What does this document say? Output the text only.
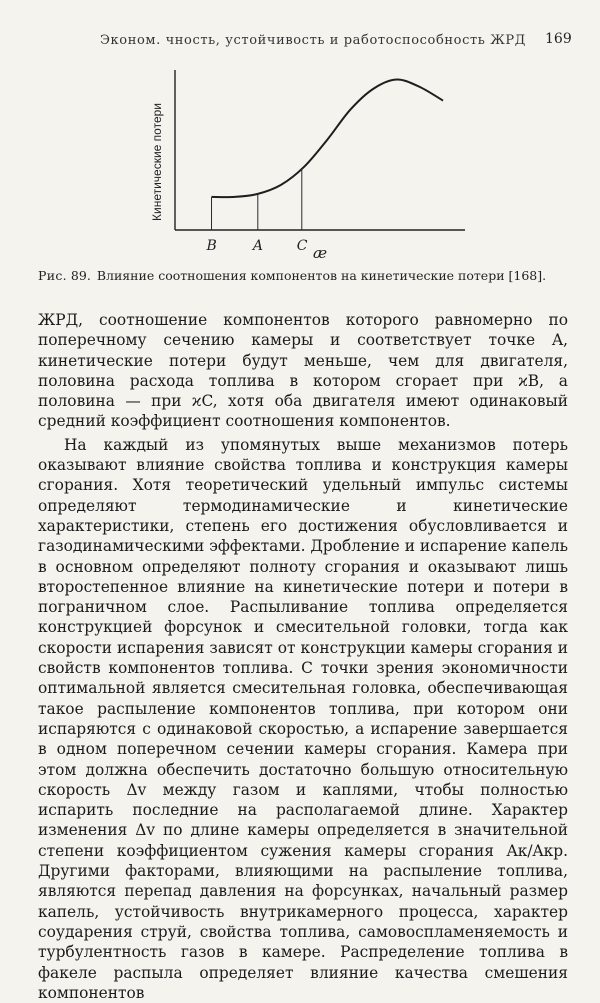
Эконом. чность, устойчивость и работоспособность ЖРД 169
Кинетические потери
æ
B	A C
Рис. 89. Влияние соотношения компонентов на кинетические потери [168].

ЖРД, соотношение компонентов которого равномерно по поперечному сечению камеры и соответствует точке A, кинетические потери будут меньше, чем для двигателя, половина расхода топлива в котором сгорает при ϰB, а половина — при ϰC, хотя оба двигателя имеют одинаковый средний коэффициент соотношения компонентов.

На каждый из упомянутых выше механизмов потерь оказывают влияние свойства топлива и конструкция камеры сгорания. Хотя теоретический удельный импульс системы определяют термодинамические и кинетические характеристики, степень его достижения обусловливается и газодинамическими эффектами. Дробление и испарение капель в основном определяют полноту сгорания и оказывают лишь второстепенное влияние на кинетические потери и потери в пограничном слое. Распыливание топлива определяется конструкцией форсунок и смесительной головки, тогда как скорости испарения зависят от конструкции камеры сгорания и свойств компонентов топлива. С точки зрения экономичности оптимальной является смесительная головка, обеспечивающая такое распыление компонентов топлива, при котором они испаряются с одинаковой скоростью, а испарение завершается в одном поперечном сечении камеры сгорания. Камера при этом должна обеспечить достаточно большую относительную скорость Δv между газом и каплями, чтобы полностью испарить последние на располагаемой длине. Характер изменения Δv по длине камеры определяется в значительной степени коэффициентом сужения камеры сгорания Aк/Aкр. Другими факторами, влияющими на распыление топлива, являются перепад давления на форсунках, начальный размер капель, устойчивость внутрикамерного процесса, характер соударения струй, свойства топлива, самовоспламеняемость и турбулентность газов в камере. Распределение топлива в факеле распыла определяет влияние качества смешения компонентов
